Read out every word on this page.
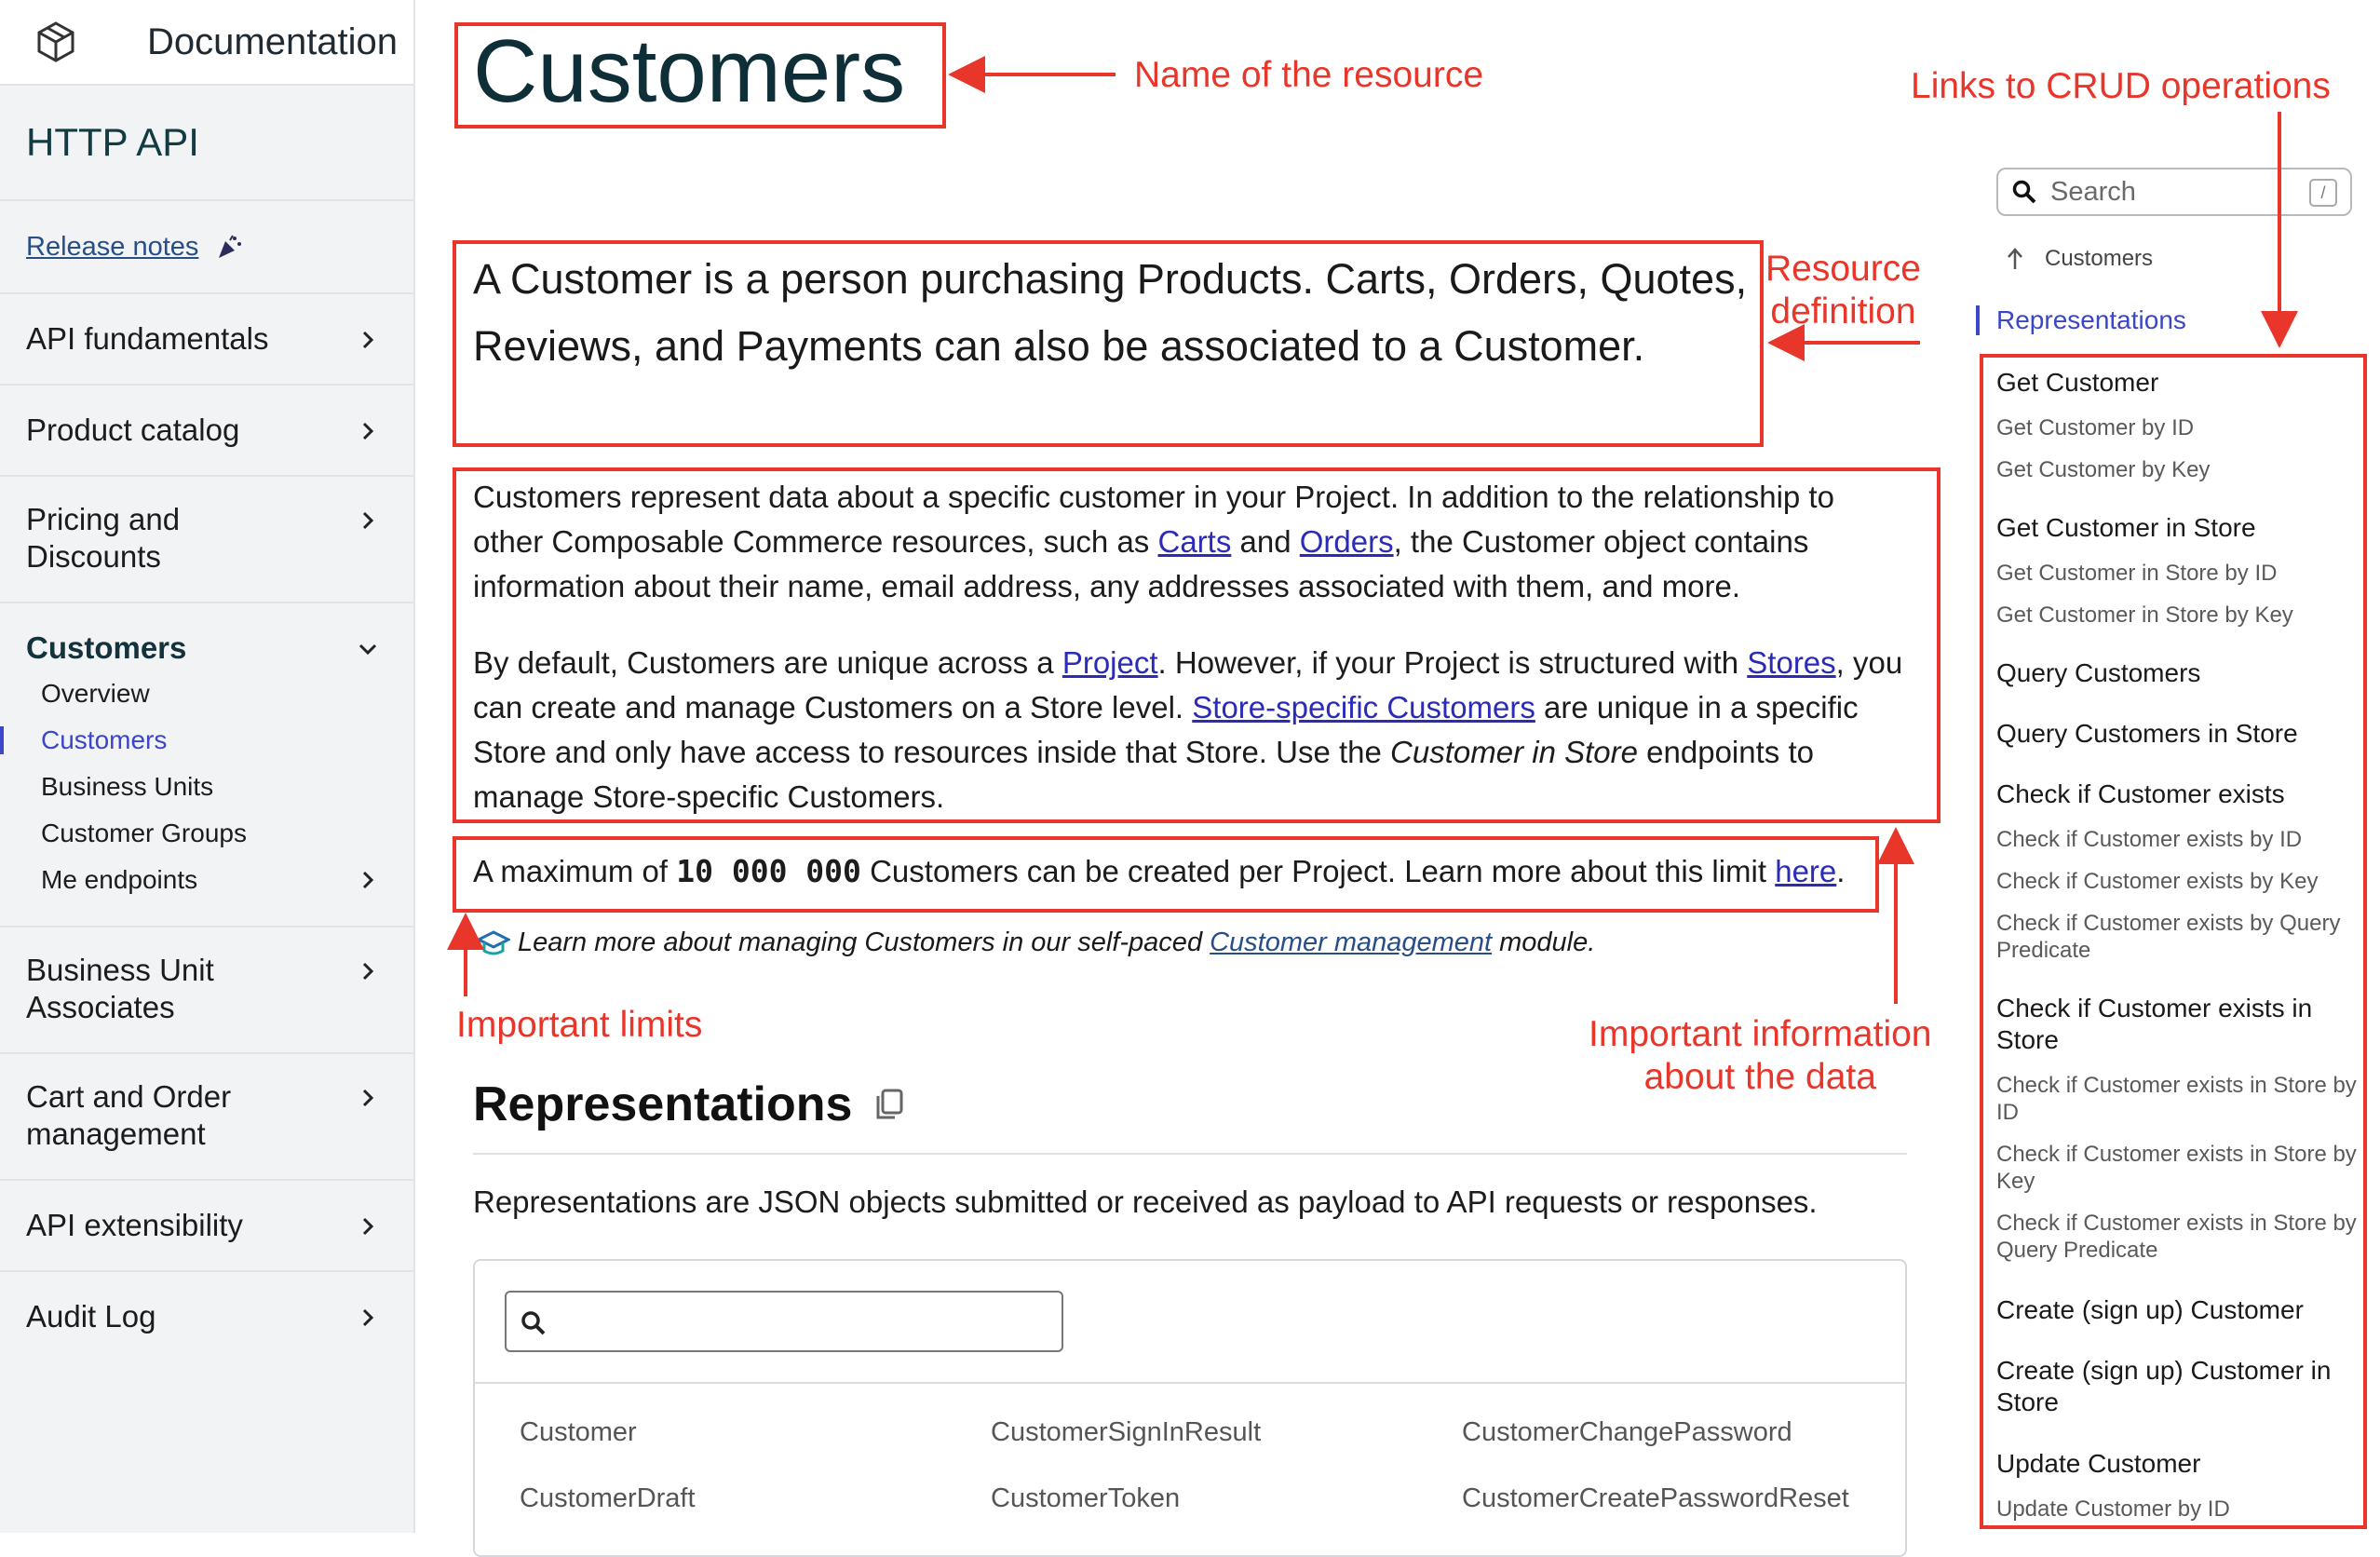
Documentation
HTTP API
Release notes
API fundamentals
Product catalog
Pricing and
Discounts
Customers
Overview
Customers
Business Units
Customer Groups
Me endpoints
Business Unit
Associates
Cart and Order
management
API extensibility
Audit Log
Customers

A Customer is a person purchasing Products. Carts, Orders, Quotes, Reviews, and Payments can also be associated to a Customer.

Customers represent data about a specific customer in your Project. In addition to the relationship to other Composable Commerce resources, such as Carts and Orders, the Customer object contains information about their name, email address, any addresses associated with them, and more.

By default, Customers are unique across a Project. However, if your Project is structured with Stores, you can create and manage Customers on a Store level. Store-specific Customers are unique in a specific Store and only have access to resources inside that Store. Use the Customer in Store endpoints to manage Store-specific Customers.

A maximum of 10 000 000 Customers can be created per Project. Learn more about this limit here.

Learn more about managing Customers in our self-paced Customer management module.
Representations

Representations are JSON objects submitted or received as payload to API requests or responses.

Customer	CustomerSignInResult	CustomerChangePassword
CustomerDraft	CustomerToken	CustomerCreatePasswordReset
Search	/
Customers
Representations
Get Customer
Get Customer by ID
Get Customer by Key
Get Customer in Store
Get Customer in Store by ID
Get Customer in Store by Key
Query Customers
Query Customers in Store
Check if Customer exists
Check if Customer exists by ID
Check if Customer exists by Key
Check if Customer exists by Query Predicate
Check if Customer exists in Store
Check if Customer exists in Store by ID
Check if Customer exists in Store by Key
Check if Customer exists in Store by Query Predicate
Create (sign up) Customer
Create (sign up) Customer in Store
Update Customer
Update Customer by ID
Name of the resource
Resource
definition
Links to CRUD operations
Important limits	Important information
about the data
